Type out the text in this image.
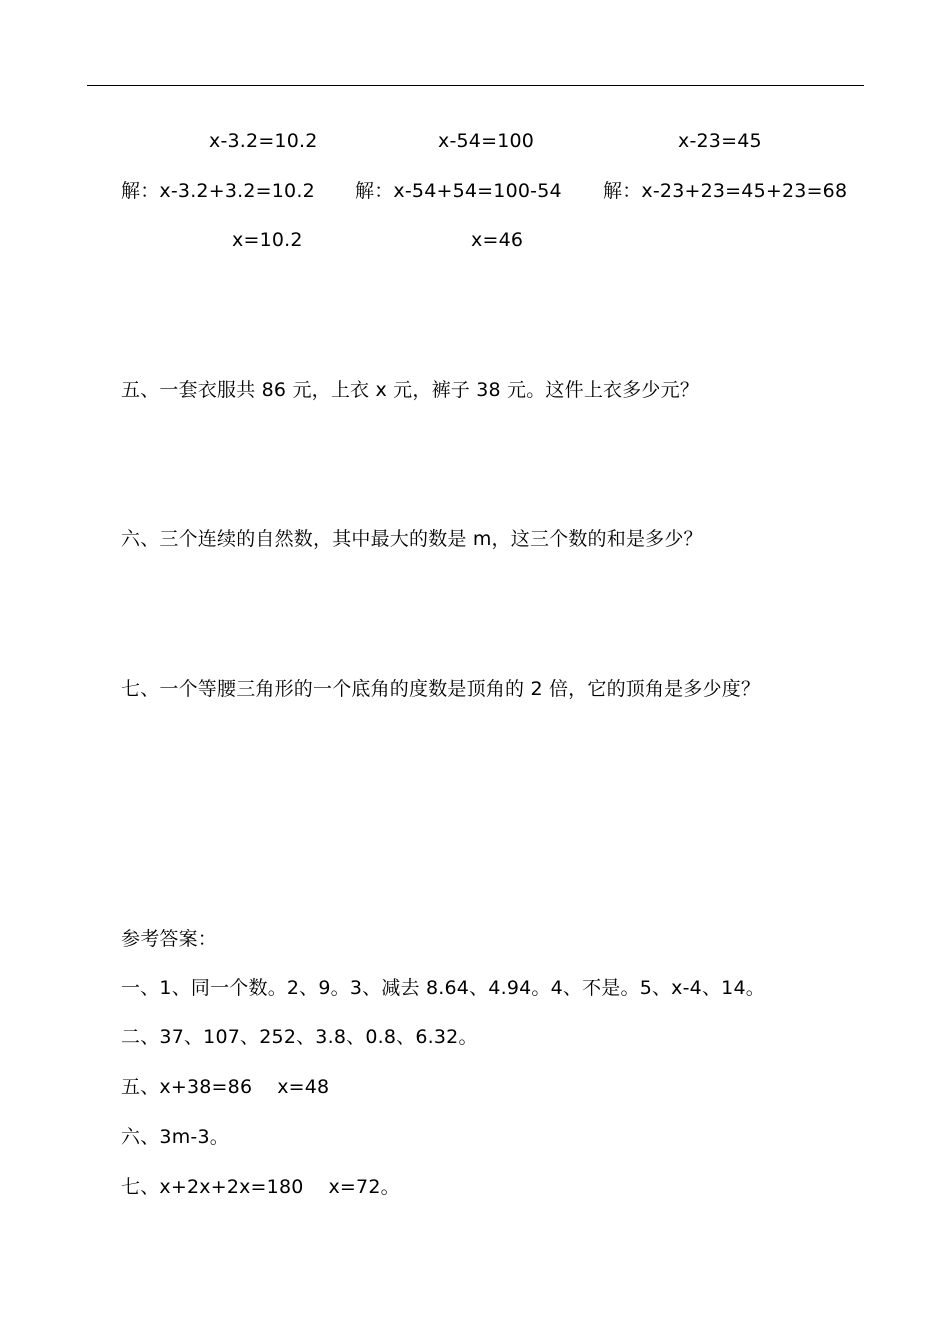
x-3.2=10.2	x-54=100	x-23=45
解：x-3.2+3.2=10.2 解：x-54+54=100-54 解：x-23+23=45+23=68
x=10.2	x=46
五、一套衣服共 86 元，上衣 x 元，裤子 38 元。这件上衣多少元？
六、三个连续的自然数，其中最大的数是 m，这三个数的和是多少？
七、一个等腰三角形的一个底角的度数是顶角的 2 倍，它的顶角是多少度？
参考答案：
一、1、同一个数。2、9。3、减去 8.64、4.94。4、不是。5、x-4、14。
二、37、107、252、3.8、0.8、6.32。
五、x+38=86    x=48
六、3m-3。
七、x+2x+2x=180    x=72。
